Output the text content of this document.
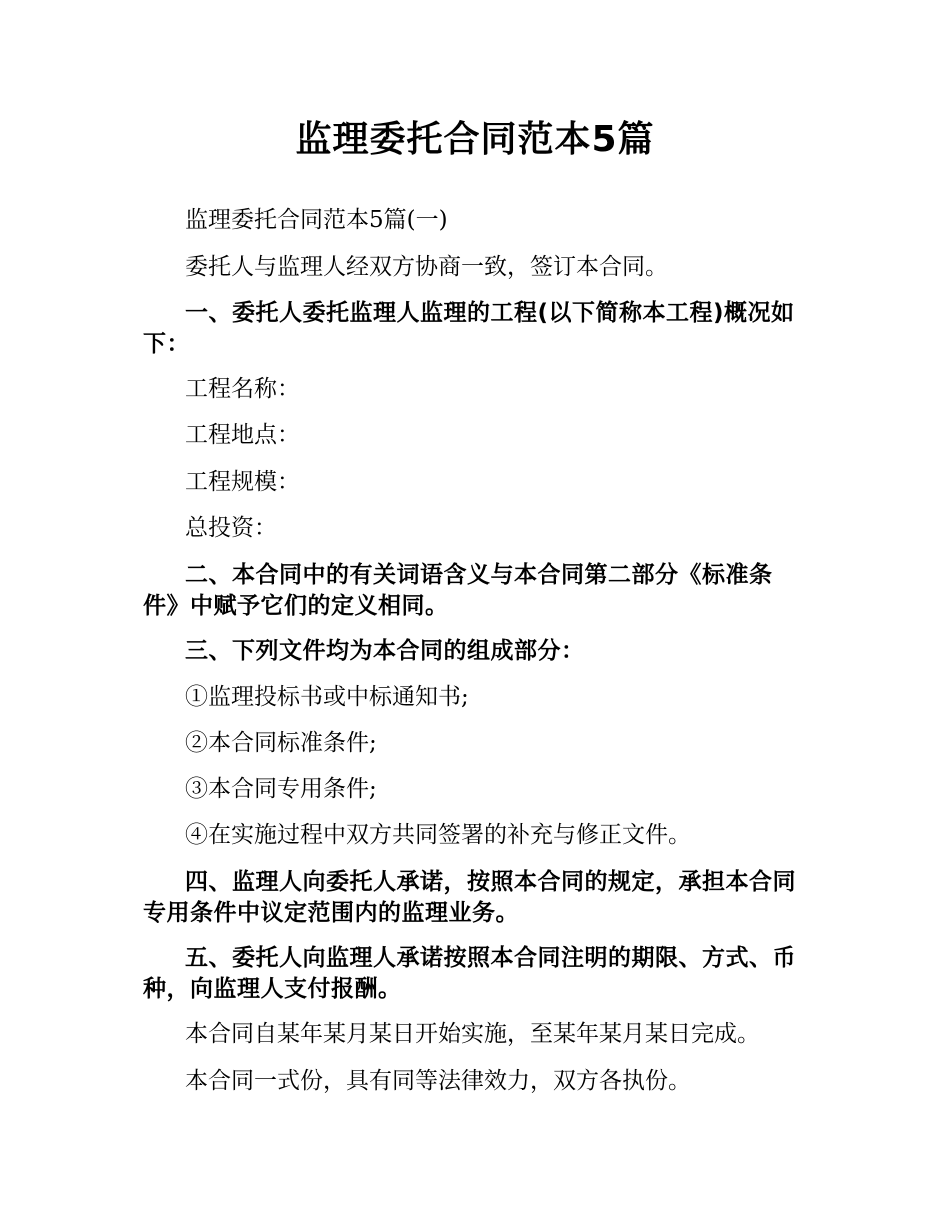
监理委托合同范本5篇

监理委托合同范本5篇(一)

委托人与监理人经双方协商一致，签订本合同。

一、委托人委托监理人监理的工程(以下简称本工程)概况如下：

工程名称：

工程地点：

工程规模：

总投资：

二、本合同中的有关词语含义与本合同第二部分《标准条件》中赋予它们的定义相同。

三、下列文件均为本合同的组成部分：

①监理投标书或中标通知书;

②本合同标准条件;

③本合同专用条件;

④在实施过程中双方共同签署的补充与修正文件。

四、监理人向委托人承诺，按照本合同的规定，承担本合同专用条件中议定范围内的监理业务。

五、委托人向监理人承诺按照本合同注明的期限、方式、币种，向监理人支付报酬。

本合同自某年某月某日开始实施，至某年某月某日完成。

本合同一式份，具有同等法律效力，双方各执份。
